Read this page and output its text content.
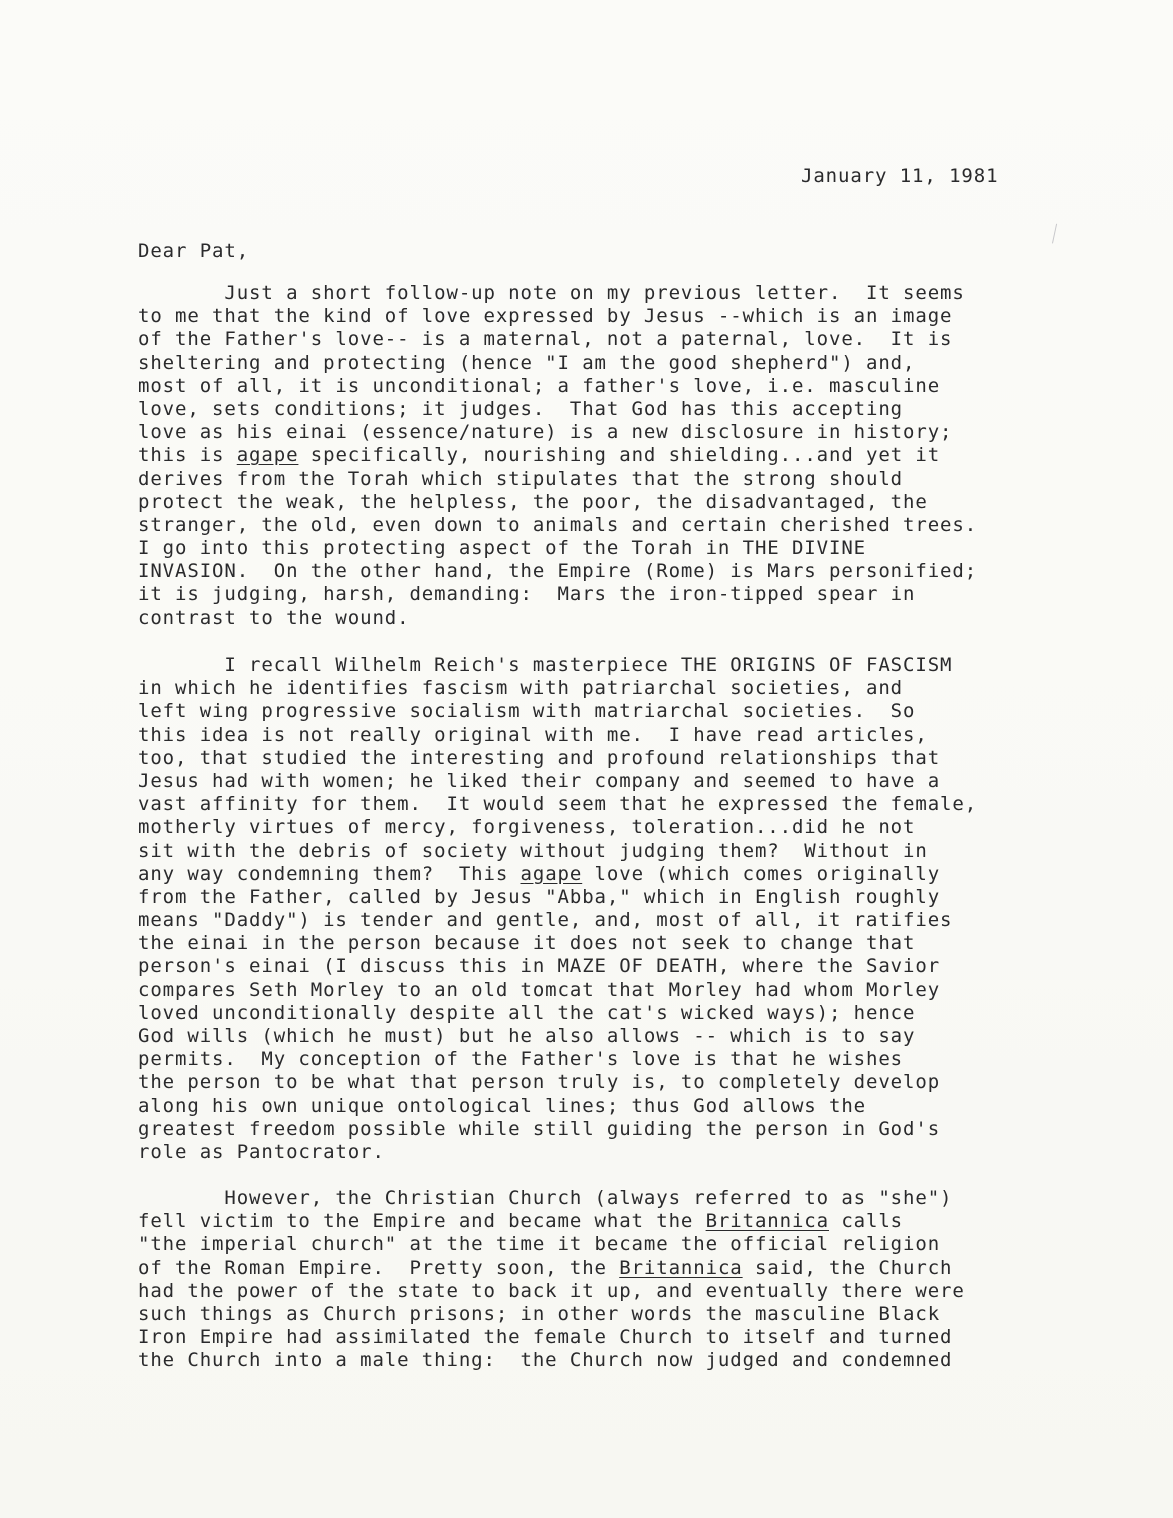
January 11, 1981
Dear Pat,
Just a short follow-up note on my previous letter.  It seems
to me that the kind of love expressed by Jesus --which is an image
of the Father's love-- is a maternal, not a paternal, love.  It is
sheltering and protecting (hence "I am the good shepherd") and,
most of all, it is unconditional; a father's love, i.e. masculine
love, sets conditions; it judges.  That God has this accepting
love as his einai (essence/nature) is a new disclosure in history;
this is agape specifically, nourishing and shielding...and yet it
derives from the Torah which stipulates that the strong should
protect the weak, the helpless, the poor, the disadvantaged, the
stranger, the old, even down to animals and certain cherished trees.
I go into this protecting aspect of the Torah in THE DIVINE
INVASION.  On the other hand, the Empire (Rome) is Mars personified;
it is judging, harsh, demanding:  Mars the iron-tipped spear in
contrast to the wound.
I recall Wilhelm Reich's masterpiece THE ORIGINS OF FASCISM
in which he identifies fascism with patriarchal societies, and
left wing progressive socialism with matriarchal societies.  So
this idea is not really original with me.  I have read articles,
too, that studied the interesting and profound relationships that
Jesus had with women; he liked their company and seemed to have a
vast affinity for them.  It would seem that he expressed the female,
motherly virtues of mercy, forgiveness, toleration...did he not
sit with the debris of society without judging them?  Without in
any way condemning them?  This agape love (which comes originally
from the Father, called by Jesus "Abba," which in English roughly
means "Daddy") is tender and gentle, and, most of all, it ratifies
the einai in the person because it does not seek to change that
person's einai (I discuss this in MAZE OF DEATH, where the Savior
compares Seth Morley to an old tomcat that Morley had whom Morley
loved unconditionally despite all the cat's wicked ways); hence
God wills (which he must) but he also allows -- which is to say
permits.  My conception of the Father's love is that he wishes
the person to be what that person truly is, to completely develop
along his own unique ontological lines; thus God allows the
greatest freedom possible while still guiding the person in God's
role as Pantocrator.
However, the Christian Church (always referred to as "she")
fell victim to the Empire and became what the Britannica calls
"the imperial church" at the time it became the official religion
of the Roman Empire.  Pretty soon, the Britannica said, the Church
had the power of the state to back it up, and eventually there were
such things as Church prisons; in other words the masculine Black
Iron Empire had assimilated the female Church to itself and turned
the Church into a male thing:  the Church now judged and condemned
